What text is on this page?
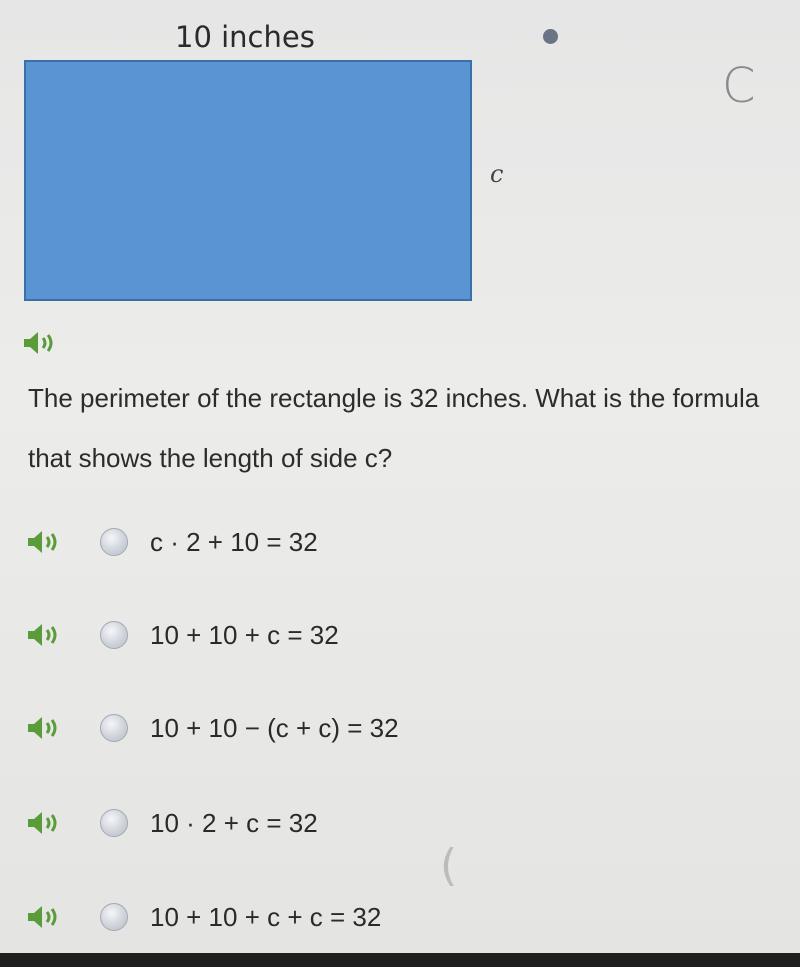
10 inches
c
C
(

The perimeter of the rectangle is 32 inches. What is the formula that shows the length of side c?

c · 2 + 10 = 32
10 + 10 + c = 32
10 + 10 − (c + c) = 32
10 · 2 + c = 32
10 + 10 + c + c = 32
